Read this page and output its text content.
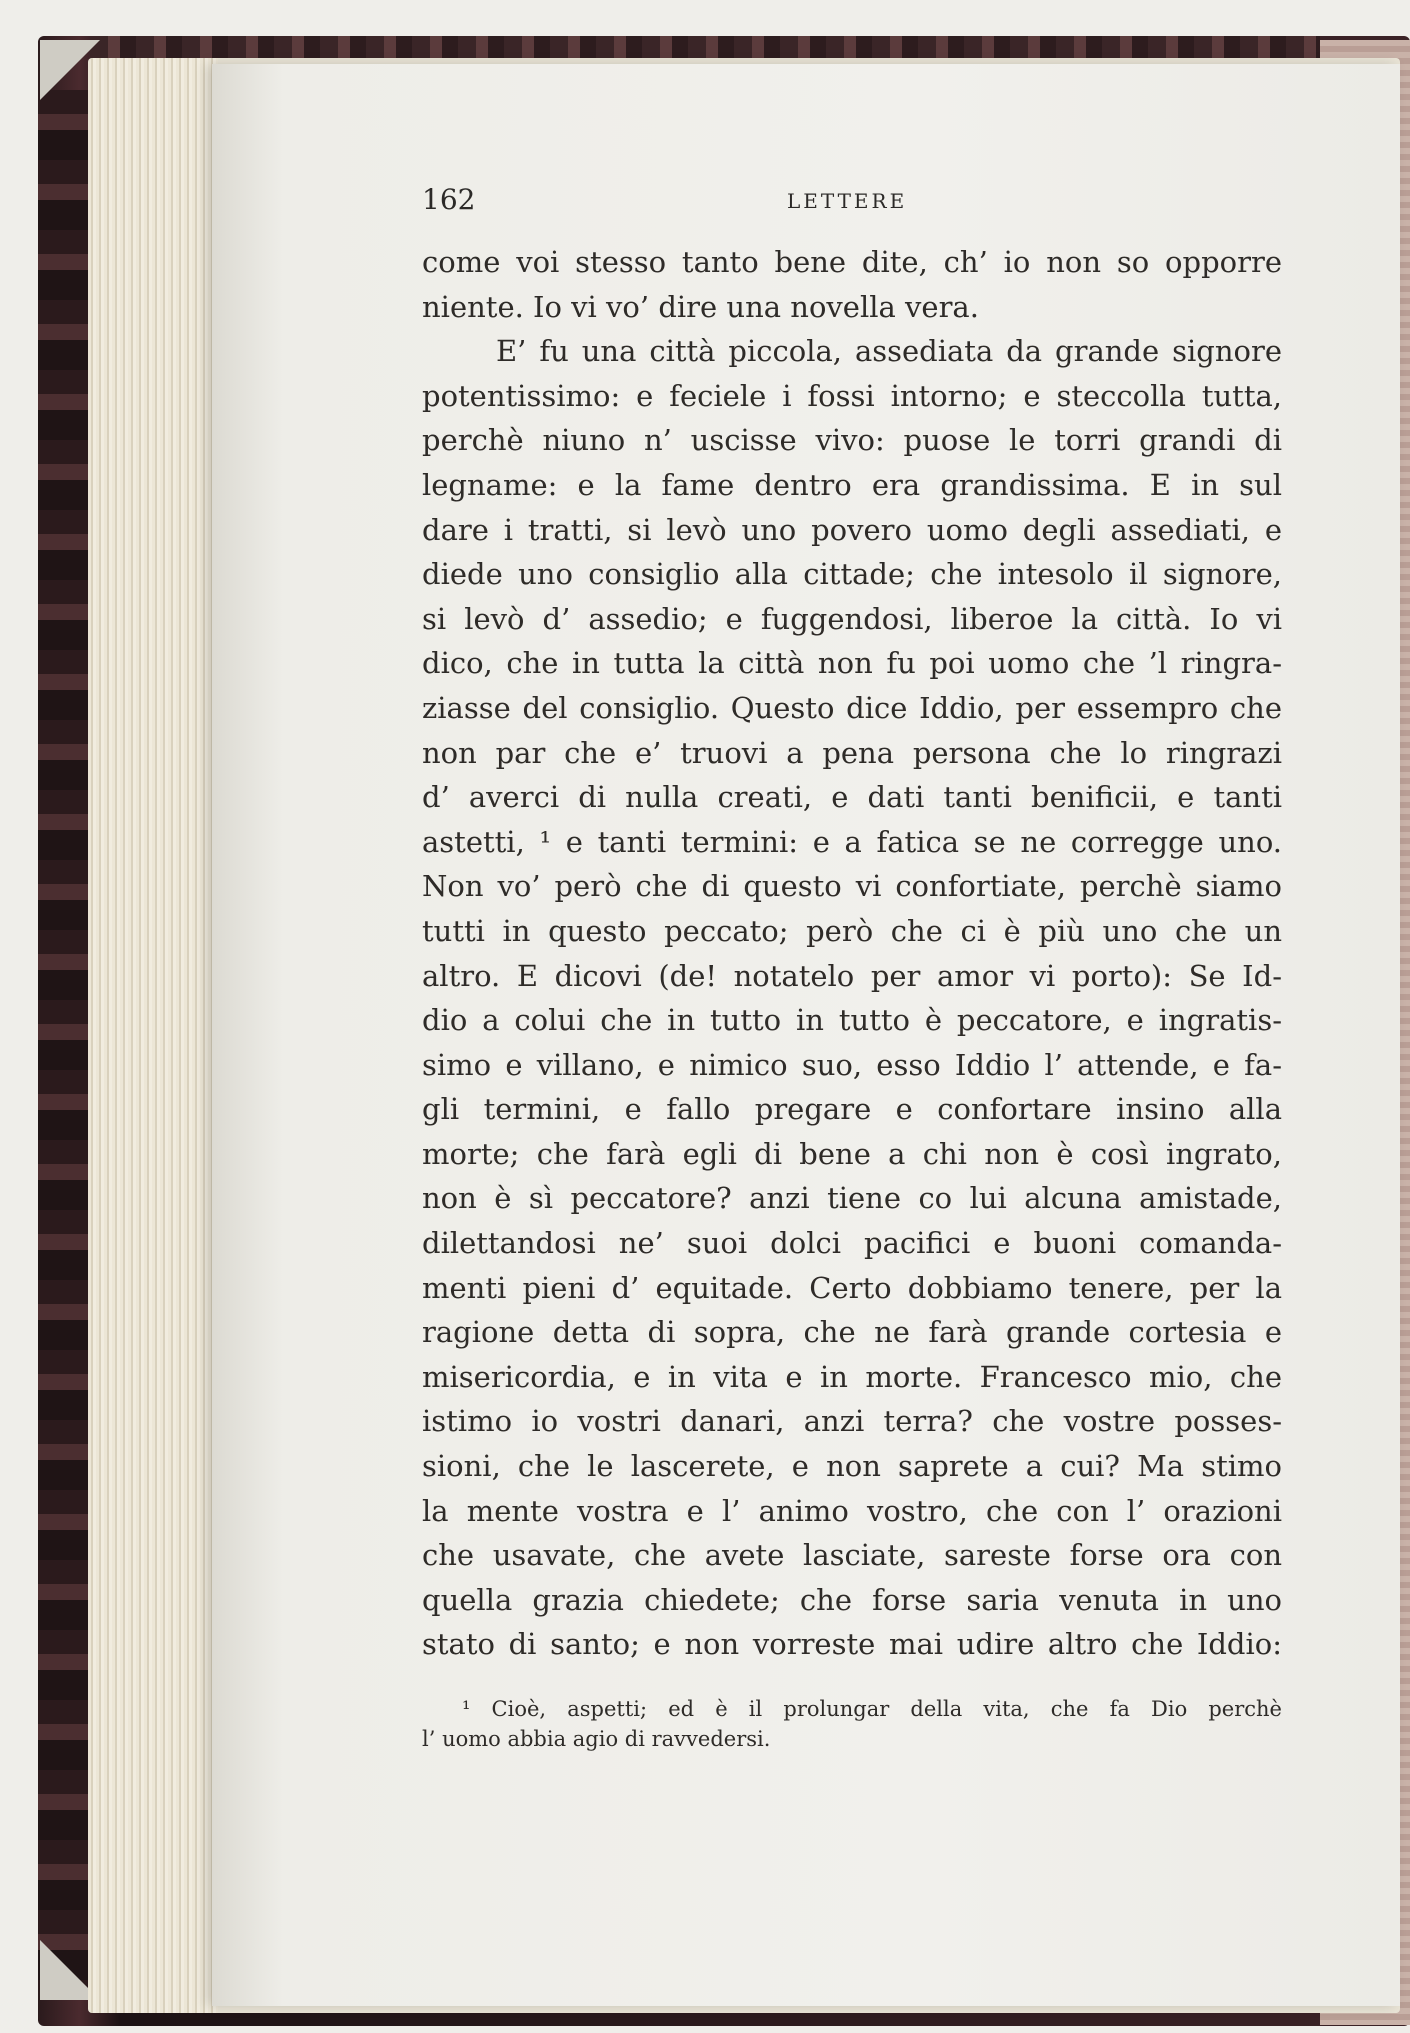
162	LETTERE
come voi stesso tanto bene dite, ch’ io non so opporre
niente. Io vi vo’ dire una novella vera.
E’ fu una città piccola, assediata da grande signore
potentissimo: e feciele i fossi intorno; e steccolla tutta,
perchè niuno n’ uscisse vivo: puose le torri grandi di
legname: e la fame dentro era grandissima. E in sul
dare i tratti, si levò uno povero uomo degli assediati, e
diede uno consiglio alla cittade; che intesolo il signore,
si levò d’ assedio; e fuggendosi, liberoe la città. Io vi
dico, che in tutta la città non fu poi uomo che ’l ringra-
ziasse del consiglio. Questo dice Iddio, per essempro che
non par che e’ truovi a pena persona che lo ringrazi
d’ averci di nulla creati, e dati tanti benificii, e tanti
astetti, ¹ e tanti termini: e a fatica se ne corregge uno.
Non vo’ però che di questo vi confortiate, perchè siamo
tutti in questo peccato; però che ci è più uno che un
altro. E dicovi (de! notatelo per amor vi porto): Se Id-
dio a colui che in tutto in tutto è peccatore, e ingratis-
simo e villano, e nimico suo, esso Iddio l’ attende, e fa-
gli termini, e fallo pregare e confortare insino alla
morte; che farà egli di bene a chi non è così ingrato,
non è sì peccatore? anzi tiene co lui alcuna amistade,
dilettandosi ne’ suoi dolci pacifici e buoni comanda-
menti pieni d’ equitade. Certo dobbiamo tenere, per la
ragione detta di sopra, che ne farà grande cortesia e
misericordia, e in vita e in morte. Francesco mio, che
istimo io vostri danari, anzi terra? che vostre posses-
sioni, che le lascerete, e non saprete a cui? Ma stimo
la mente vostra e l’ animo vostro, che con l’ orazioni
che usavate, che avete lasciate, sareste forse ora con
quella grazia chiedete; che forse saria venuta in uno
stato di santo; e non vorreste mai udire altro che Iddio:
¹ Cioè, aspetti; ed è il prolungar della vita, che fa Dio perchè
l’ uomo abbia agio di ravvedersi.
